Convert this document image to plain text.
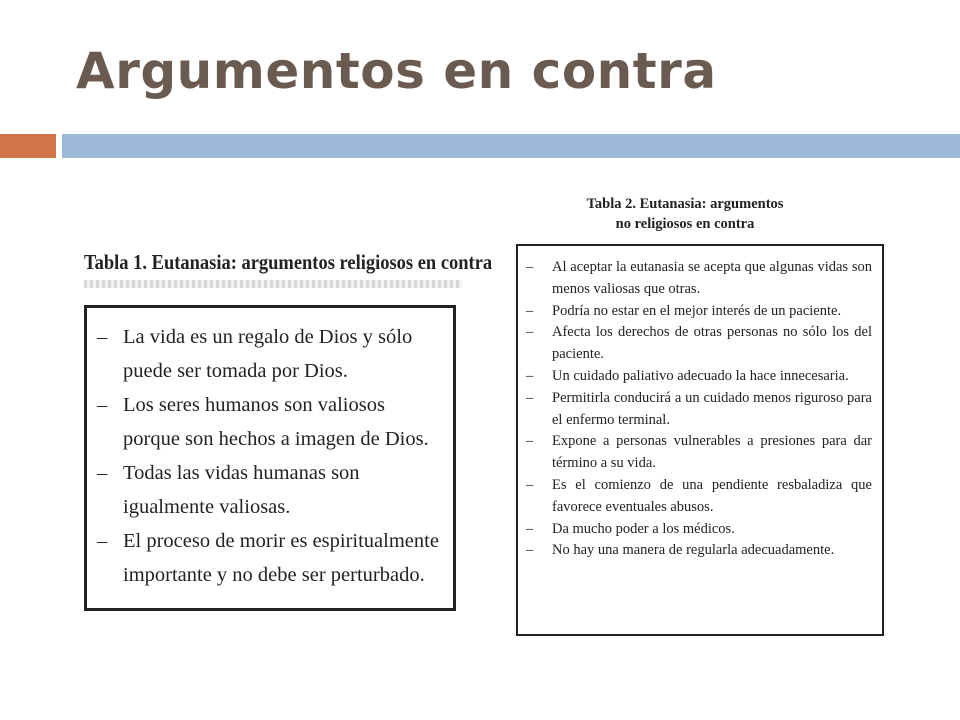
Argumentos en contra
Tabla 1. Eutanasia: argumentos religiosos en contra
– La vida es un regalo de Dios y sólo puede ser tomada por Dios.
– Los seres humanos son valiosos porque son hechos a imagen de Dios.
– Todas las vidas humanas son igualmente valiosas.
– El proceso de morir es espiritualmente importante y no debe ser perturbado.
Tabla 2. Eutanasia: argumentos
no religiosos en contra
– Al aceptar la eutanasia se acepta que algunas vidas son menos valiosas que otras.
– Podría no estar en el mejor interés de un paciente.
– Afecta los derechos de otras personas no sólo los del paciente.
– Un cuidado paliativo adecuado la hace innecesaria.
– Permitirla conducirá a un cuidado menos riguroso para el enfermo terminal.
– Expone a personas vulnerables a presiones para dar término a su vida.
– Es el comienzo de una pendiente resbaladiza que favorece eventuales abusos.
– Da mucho poder a los médicos.
– No hay una manera de regularla adecuadamente.
